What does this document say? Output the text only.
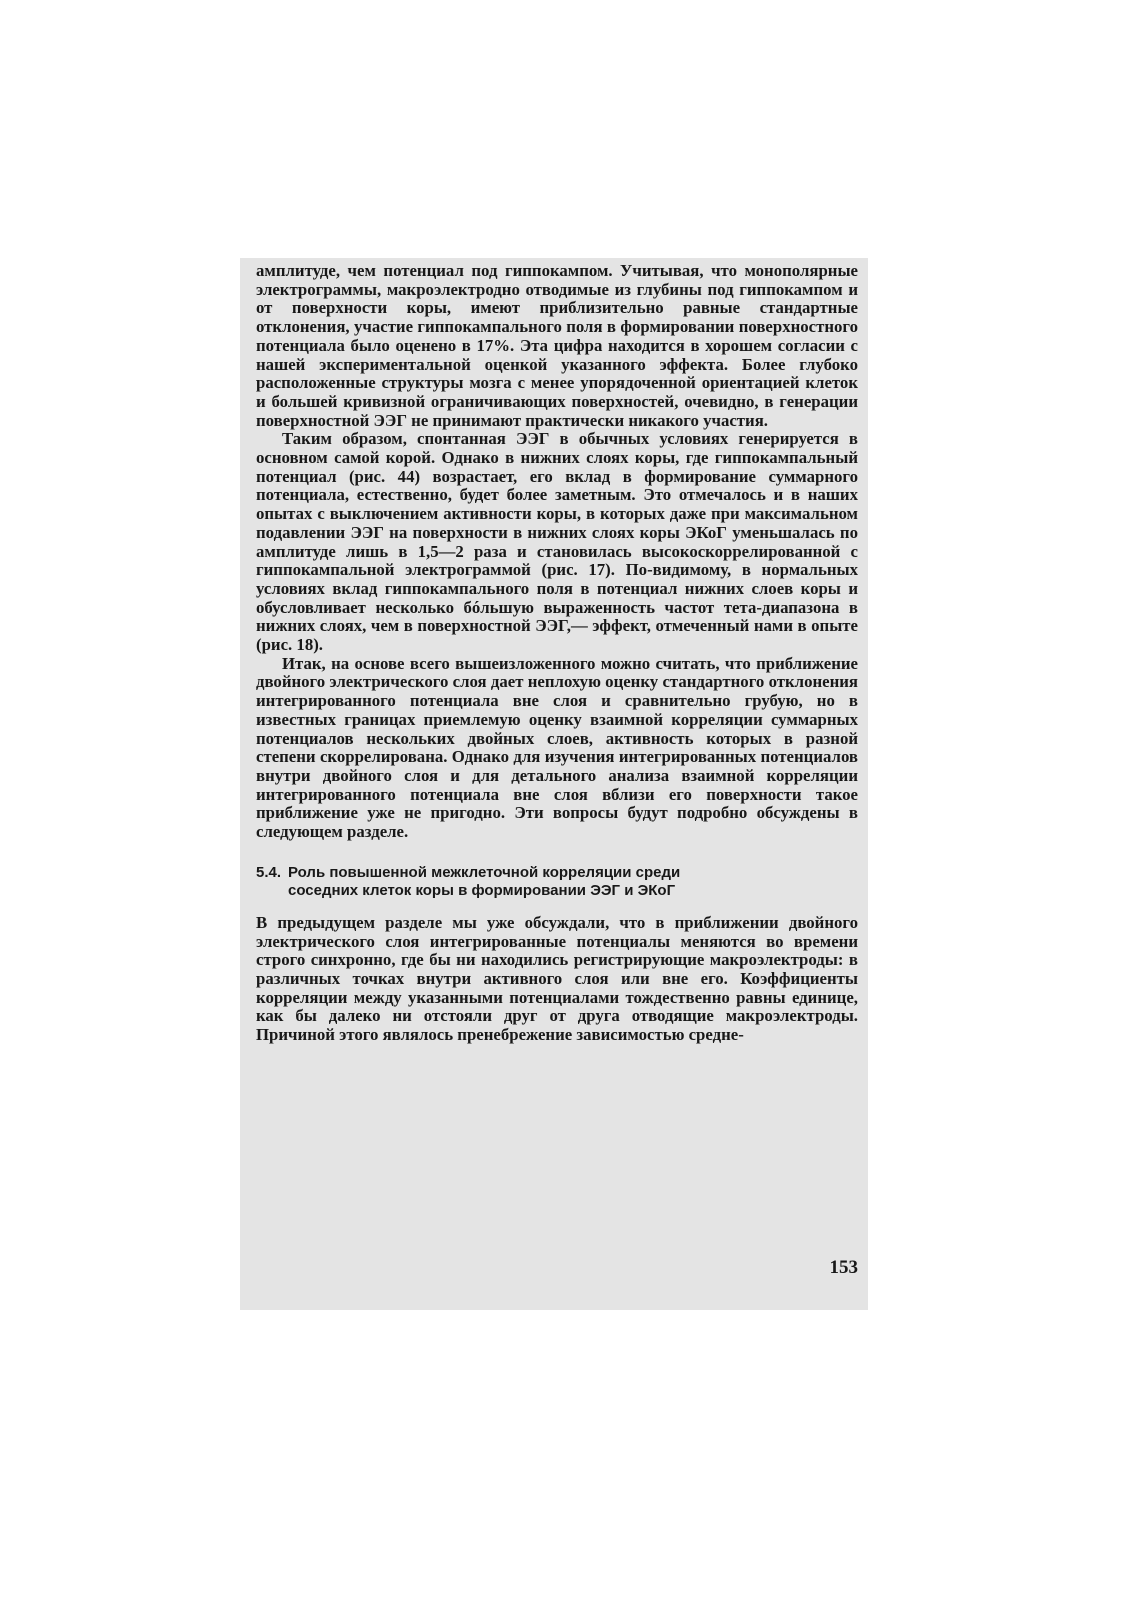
амплитуде, чем потенциал под гиппокампом. Учитывая, что монополярные электрограммы, макроэлектродно отводимые из глубины под гиппокампом и от поверхности коры, имеют приблизительно равные стандартные отклонения, участие гиппокампального поля в формировании поверхностного потенциала было оценено в 17%. Эта цифра находится в хорошем согласии с нашей экспериментальной оценкой указанного эффекта. Более глубоко расположенные структуры мозга с менее упорядоченной ориентацией клеток и большей кривизной ограничивающих поверхностей, очевидно, в генерации поверхностной ЭЭГ не принимают практически никакого участия.

Таким образом, спонтанная ЭЭГ в обычных условиях генерируется в основном самой корой. Однако в нижних слоях коры, где гиппокампальный потенциал (рис. 44) возрастает, его вклад в формирование суммарного потенциала, естественно, будет более заметным. Это отмечалось и в наших опытах с выключением активности коры, в которых даже при максимальном подавлении ЭЭГ на поверхности в нижних слоях коры ЭКоГ уменьшалась по амплитуде лишь в 1,5—2 раза и становилась высокоскоррелированной с гиппокампальной электрограммой (рис. 17). По-видимому, в нормальных условиях вклад гиппокампального поля в потенциал нижних слоев коры и обусловливает несколько бóльшую выраженность частот тета-диапазона в нижних слоях, чем в поверхностной ЭЭГ,— эффект, отмеченный нами в опыте (рис. 18).

Итак, на основе всего вышеизложенного можно считать, что приближение двойного электрического слоя дает неплохую оценку стандартного отклонения интегрированного потенциала вне слоя и сравнительно грубую, но в известных границах приемлемую оценку взаимной корреляции суммарных потенциалов нескольких двойных слоев, активность которых в разной степени скоррелирована. Однако для изучения интегрированных потенциалов внутри двойного слоя и для детального анализа взаимной корреляции интегрированного потенциала вне слоя вблизи его поверхности такое приближение уже не пригодно. Эти вопросы будут подробно обсуждены в следующем разделе.

5.4. Роль повышенной межклеточной корреляции среди соседних клеток коры в формировании ЭЭГ и ЭКоГ

В предыдущем разделе мы уже обсуждали, что в приближении двойного электрического слоя интегрированные потенциалы меняются во времени строго синхронно, где бы ни находились регистрирующие макроэлектроды: в различных точках внутри активного слоя или вне его. Коэффициенты корреляции между указанными потенциалами тождественно равны единице, как бы далеко ни отстояли друг от друга отводящие макроэлектроды. Причиной этого являлось пренебрежение зависимостью средне-

153
